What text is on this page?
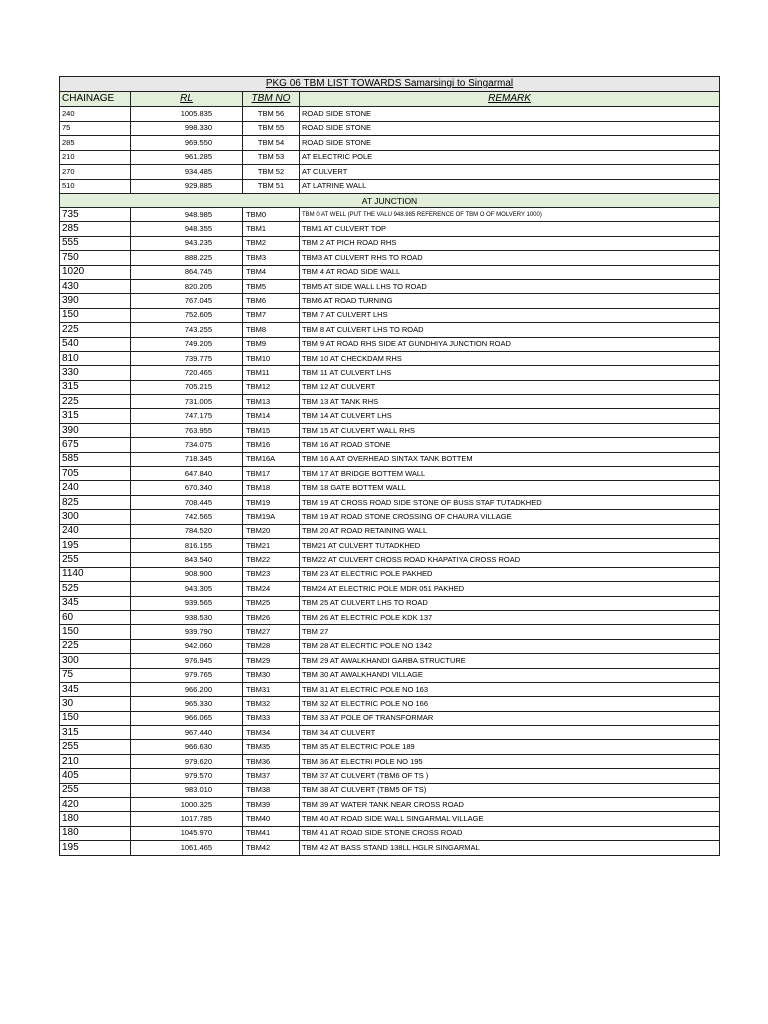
PKG 06 TBM LIST TOWARDS Samarsingi to Singarmal			
CHAINAGE	RL	TBM NO	REMARK
240	1005.835	TBM 56	ROAD SIDE STONE
75	998.330	TBM 55	ROAD SIDE STONE
285	969.550	TBM 54	ROAD SIDE STONE
210	961.285	TBM 53	AT ELECTRIC POLE
270	934.485	TBM 52	AT CULVERT
510	929.885	TBM 51	AT LATRINE WALL
AT JUNCTION			
735	948.985	TBM0	TBM 0 AT WELL (PUT THE VALU 948.985 REFERENCE OF TBM O OF MOLVERY 1000)
285	948.355	TBM1	TBM1 AT CULVERT TOP
555	943.235	TBM2	TBM 2 AT PICH ROAD RHS
750	888.225	TBM3	TBM3 AT CULVERT RHS TO ROAD
1020	864.745	TBM4	TBM 4 AT ROAD SIDE WALL
430	820.205	TBM5	TBM5 AT SIDE WALL LHS TO ROAD
390	767.045	TBM6	TBM6 AT ROAD TURNING
150	752.605	TBM7	TBM 7 AT CULVERT LHS
225	743.255	TBM8	TBM 8 AT CULVERT LHS TO ROAD
540	749.205	TBM9	TBM 9 AT ROAD RHS SIDE AT GUNDHIYA JUNCTION ROAD
810	739.775	TBM10	TBM 10 AT CHECKDAM RHS
330	720.465	TBM11	TBM 11 AT CULVERT LHS
315	705.215	TBM12	TBM 12 AT CULVERT
225	731.005	TBM13	TBM 13 AT TANK RHS
315	747.175	TBM14	TBM 14 AT CULVERT LHS
390	763.955	TBM15	TBM 15 AT CULVERT WALL RHS
675	734.075	TBM16	TBM 16 AT ROAD STONE
585	718.345	TBM16A	TBM 16 A AT OVERHEAD SINTAX TANK BOTTEM
705	647.840	TBM17	TBM 17 AT BRIDGE BOTTEM WALL
240	670.340	TBM18	TBM 18 GATE BOTTEM WALL
825	708.445	TBM19	TBM 19 AT CROSS ROAD SIDE STONE OF BUSS STAF TUTADKHED
300	742.565	TBM19A	TBM 19 AT ROAD STONE CROSSING OF CHAURA VILLAGE
240	784.520	TBM20	TBM 20 AT ROAD RETAINING WALL
195	816.155	TBM21	TBM21 AT CULVERT TUTADKHED
255	843.540	TBM22	TBM22 AT CULVERT CROSS ROAD KHAPATIYA CROSS ROAD
1140	908.900	TBM23	TBM 23 AT ELECTRIC POLE PAKHED
525	943.305	TBM24	TBM24 AT ELECTRIC POLE MDR 051 PAKHED
345	939.565	TBM25	TBM 25 AT CULVERT LHS TO ROAD
60	938.530	TBM26	TBM 26 AT ELECTRIC POLE KDK 137
150	939.790	TBM27	TBM 27
225	942.060	TBM28	TBM 28 AT ELECRTIC POLE NO 1342
300	976.945	TBM29	TBM 29 AT AWALKHANDI GARBA STRUCTURE
75	979.765	TBM30	TBM 30 AT AWALKHANDI VILLAGE
345	966.200	TBM31	TBM 31 AT ELECTRIC POLE NO 163
30	965.330	TBM32	TBM 32 AT ELECTRIC POLE NO 166
150	966.065	TBM33	TBM 33 AT POLE OF TRANSFORMAR
315	967.440	TBM34	TBM 34 AT CULVERT
255	966.630	TBM35	TBM 35 AT ELECTRIC POLE 189
210	979.620	TBM36	TBM 36 AT ELECTRI POLE NO 195
405	979.570	TBM37	TBM 37 AT CULVERT (TBM6 OF TS )
255	983.010	TBM38	TBM 38 AT CULVERT (TBM5 OF TS)
420	1000.325	TBM39	TBM 39 AT WATER TANK NEAR CROSS ROAD
180	1017.785	TBM40	TBM 40 AT ROAD SIDE WALL SINGARMAL VILLAGE
180	1045.970	TBM41	TBM 41 AT ROAD SIDE STONE CROSS ROAD
195	1061.465	TBM42	TBM 42 AT BASS STAND 138LL HGLR SINGARMAL
